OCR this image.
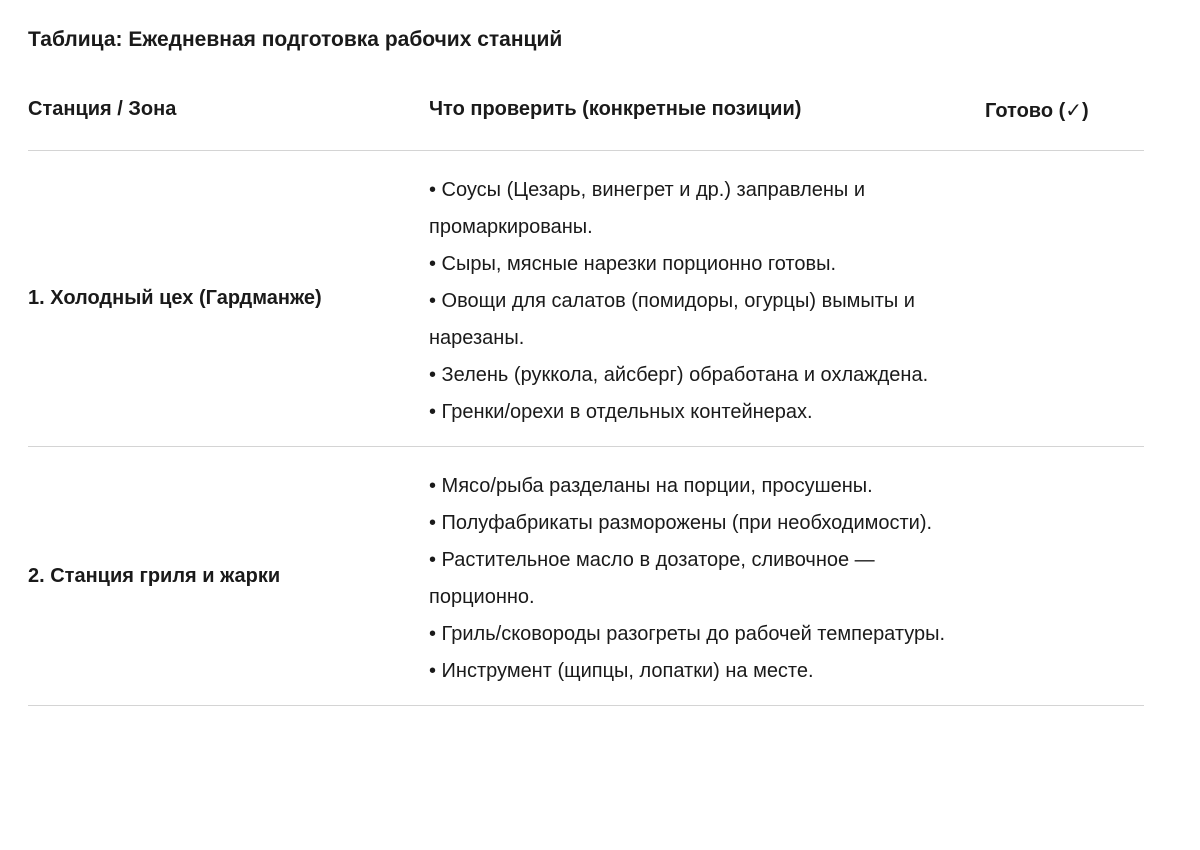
Таблица: Ежедневная подготовка рабочих станций
Станция / Зона	Что проверить (конкретные позиции)	Готово (✓)
1. Холодный цех (Гардманже)	• Соусы (Цезарь, винегрет и др.) заправлены и промаркированы.
• Сыры, мясные нарезки порционно готовы.
• Овощи для салатов (помидоры, огурцы) вымыты и нарезаны.
• Зелень (руккола, айсберг) обработана и охлаждена.
• Гренки/орехи в отдельных контейнерах.	

2. Станция гриля и жарки	• Мясо/рыба разделаны на порции, просушены.
• Полуфабрикаты разморожены (при необходимости).
• Растительное масло в дозаторе, сливочное — порционно.
• Гриль/сковороды разогреты до рабочей температуры.
• Инструмент (щипцы, лопатки) на месте.	
